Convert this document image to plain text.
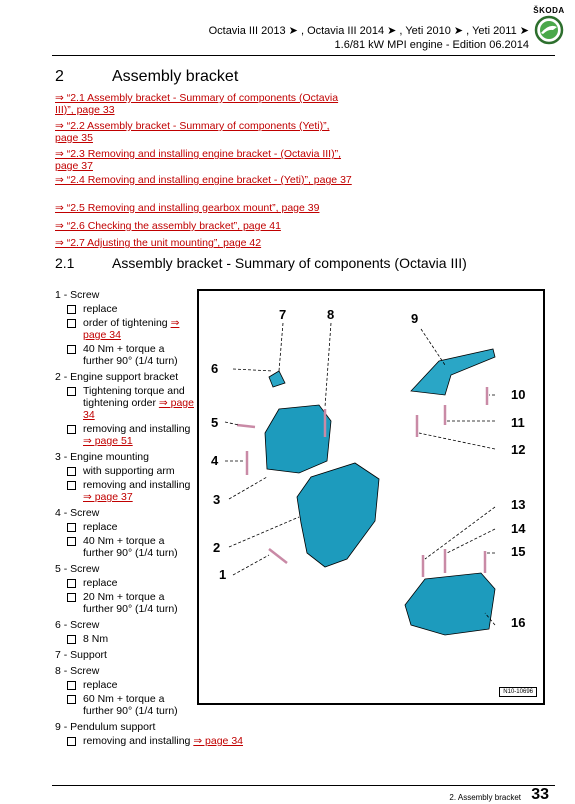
Octavia III 2013 ➤ , Octavia III 2014 ➤ , Yeti 2010 ➤ , Yeti 2011 ➤
1.6/81 kW MPI engine - Edition 06.2014
ŠKODA
2	Assembly bracket
⇒ “2.1 Assembly bracket - Summary of components (Octavia III)”, page 33
⇒ “2.2 Assembly bracket - Summary of components (Yeti)”, page 35
⇒ “2.3 Removing and installing engine bracket - (Octavia III)”, page 37
⇒ “2.4 Removing and installing engine bracket - (Yeti)”, page 37
⇒ “2.5 Removing and installing gearbox mount”, page 39
⇒ “2.6 Checking the assembly bracket”, page 41
⇒ “2.7 Adjusting the unit mounting”, page 42
2.1	Assembly bracket - Summary of components (Octavia III)
1 - Screw
replace
order of tightening ⇒ page 34
40 Nm + torque a further 90° (1/4 turn)
2 - Engine support bracket
Tightening torque and tightening order ⇒ page 34
removing and installing ⇒ page 51
3 - Engine mounting
with supporting arm
removing and installing ⇒ page 37
4 - Screw
replace
40 Nm + torque a further 90° (1/4 turn)
5 - Screw
replace
20 Nm + torque a further 90° (1/4 turn)
6 - Screw
8 Nm
7 - Support
8 - Screw
replace
60 Nm + torque a further 90° (1/4 turn)
9 - Pendulum support
removing and installing ⇒ page 34
1
2
3
4
5
6
7	8	9
10
11
12
13
14
15
16
N10-10696
2. Assembly bracket 33
